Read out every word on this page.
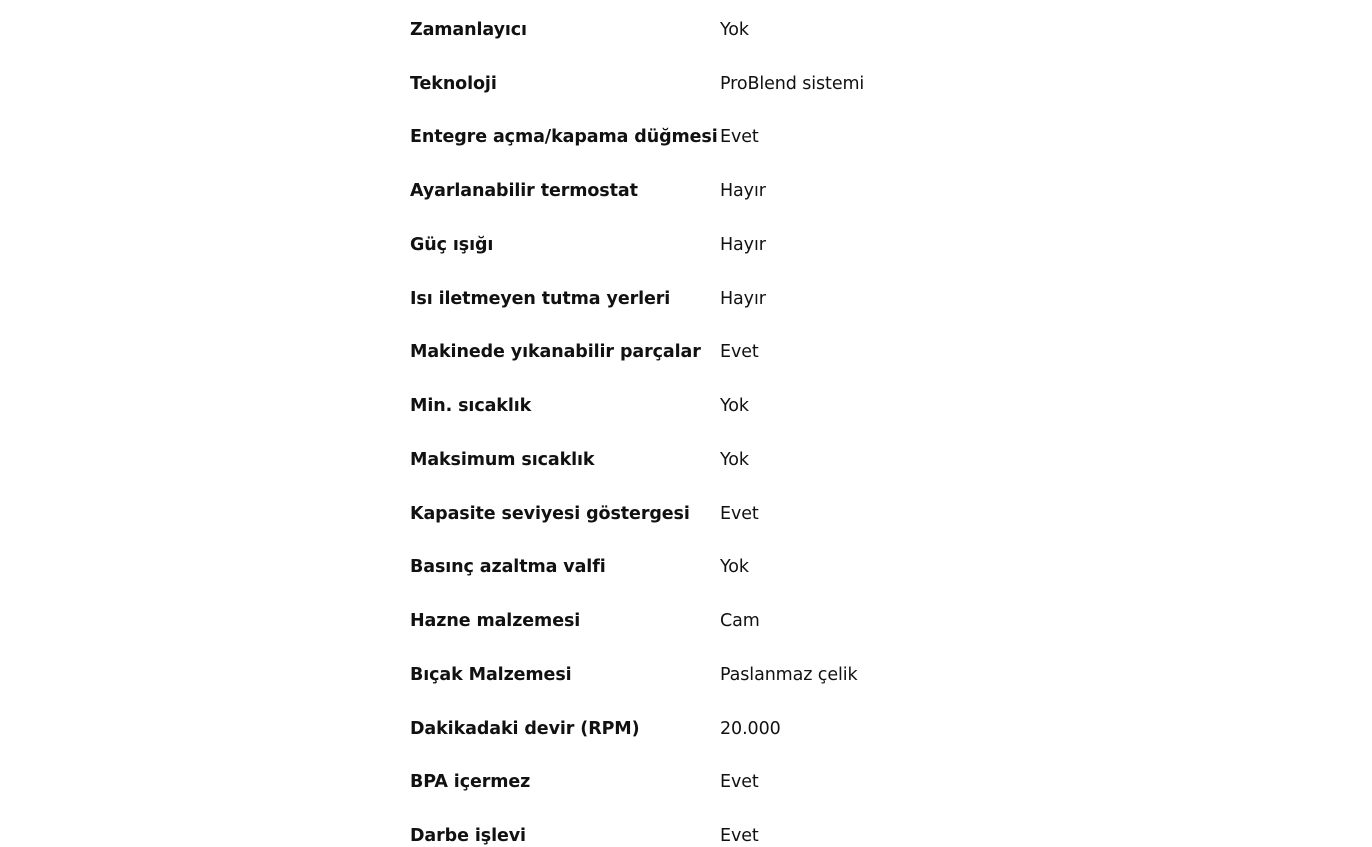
Zamanlayıcı	Yok
Teknoloji	ProBlend sistemi
Entegre açma/kapama düğmesi Evet
Ayarlanabilir termostat	Hayır
Güç ışığı	Hayır
Isı iletmeyen tutma yerleri	Hayır
Makinede yıkanabilir parçalar	Evet
Min. sıcaklık	Yok
Maksimum sıcaklık	Yok
Kapasite seviyesi göstergesi	Evet
Basınç azaltma valfi	Yok
Hazne malzemesi	Cam
Bıçak Malzemesi	Paslanmaz çelik
Dakikadaki devir (RPM)	20.000
BPA içermez	Evet
Darbe işlevi	Evet
